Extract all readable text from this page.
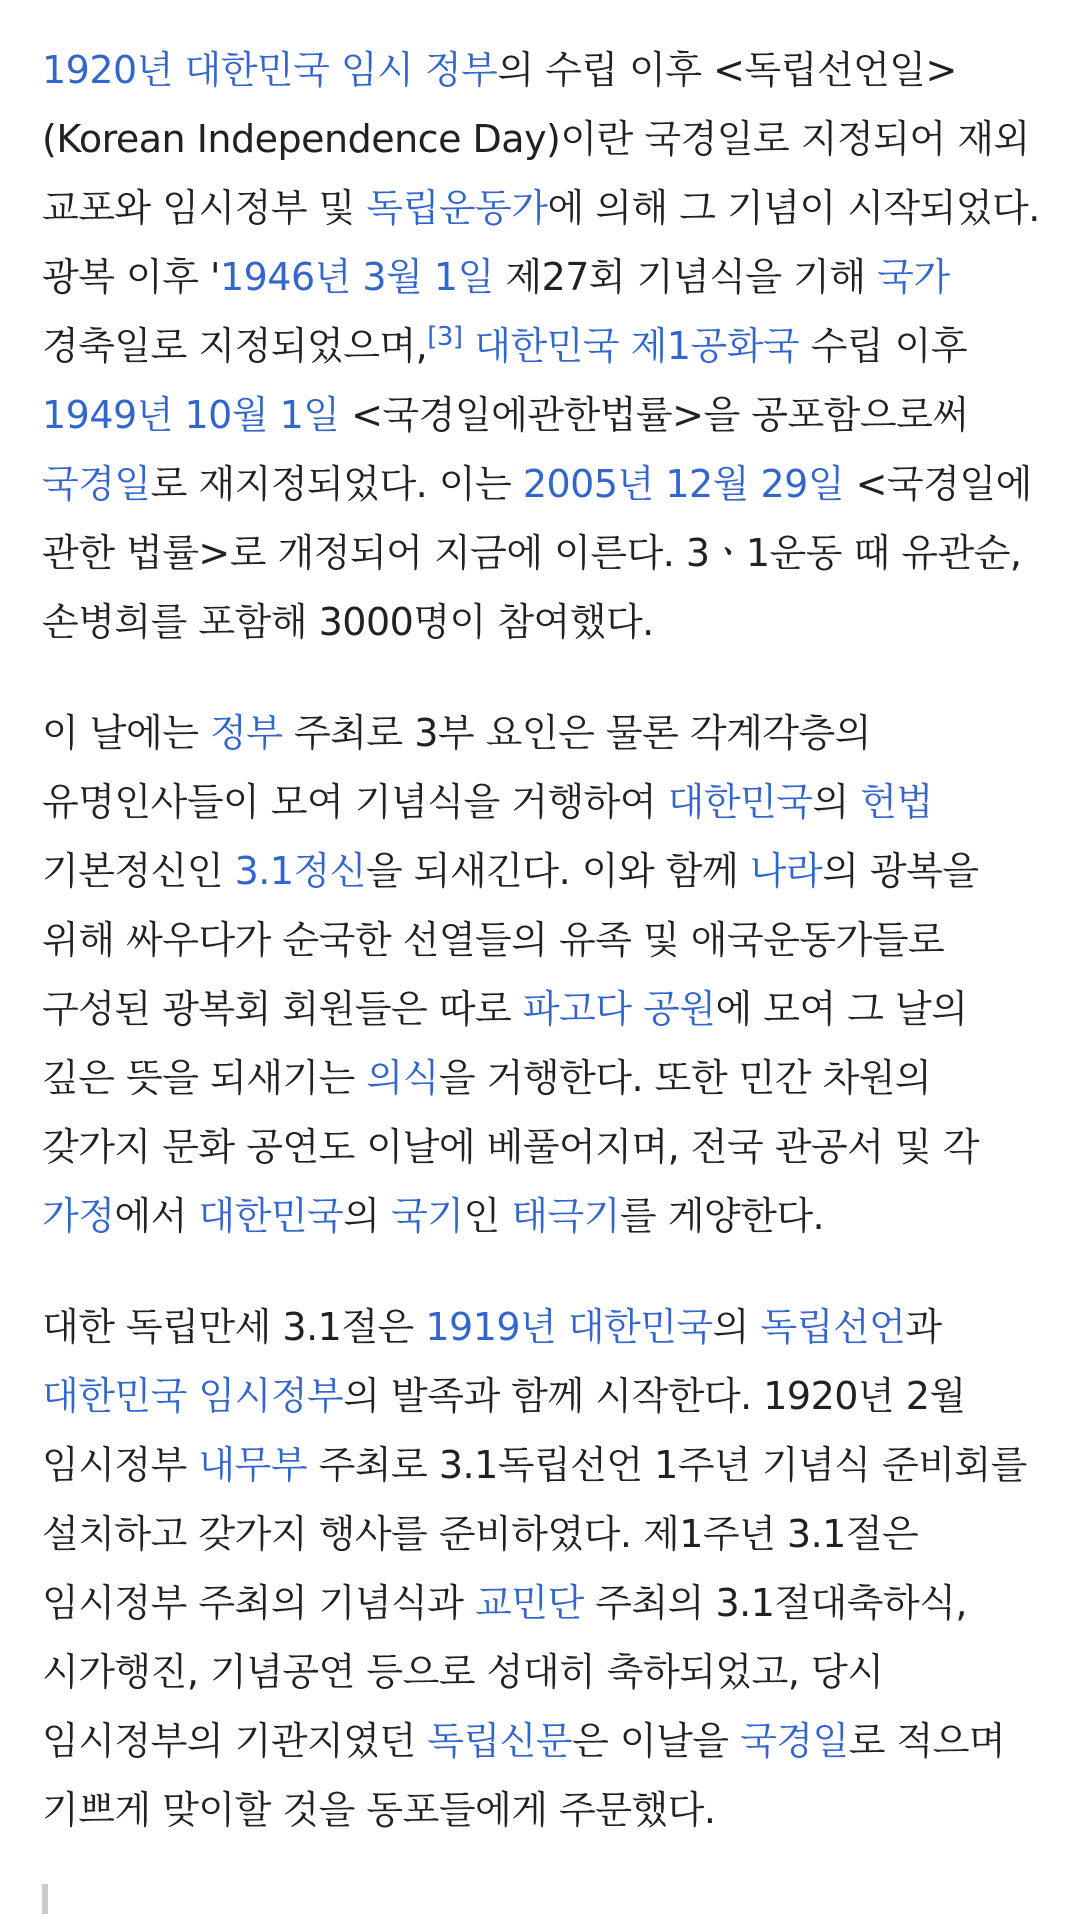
1920년 대한민국 임시 정부의 수립 이후 <독립선언일> (Korean Independence Day)이란 국경일로 지정되어 재외 교포와 임시정부 및 독립운동가에 의해 그 기념이 시작되었다. 광복 이후 '1946년 3월 1일 제27회 기념식을 기해 국가 경축일로 지정되었으며,[3] 대한민국 제1공화국 수립 이후 1949년 10월 1일 <국경일에관한법률>을 공포함으로써 국경일로 재지정되었다. 이는 2005년 12월 29일 <국경일에 관한 법률>로 개정되어 지금에 이른다. 3ㆍ1운동 때 유관순, 손병희를 포함해 3000명이 참여했다.

이 날에는 정부 주최로 3부 요인은 물론 각계각층의 유명인사들이 모여 기념식을 거행하여 대한민국의 헌법 기본정신인 3.1정신을 되새긴다. 이와 함께 나라의 광복을 위해 싸우다가 순국한 선열들의 유족 및 애국운동가들로 구성된 광복회 회원들은 따로 파고다 공원에 모여 그 날의 깊은 뜻을 되새기는 의식을 거행한다. 또한 민간 차원의 갖가지 문화 공연도 이날에 베풀어지며, 전국 관공서 및 각 가정에서 대한민국의 국기인 태극기를 게양한다.

대한 독립만세 3.1절은 1919년 대한민국의 독립선언과 대한민국 임시정부의 발족과 함께 시작한다. 1920년 2월 임시정부 내무부 주최로 3.1독립선언 1주년 기념식 준비회를 설치하고 갖가지 행사를 준비하였다. 제1주년 3.1절은 임시정부 주최의 기념식과 교민단 주최의 3.1절대축하식, 시가행진, 기념공연 등으로 성대히 축하되었고, 당시 임시정부의 기관지였던 독립신문은 이날을 국경일로 적으며 기쁘게 맞이할 것을 동포들에게 주문했다.
